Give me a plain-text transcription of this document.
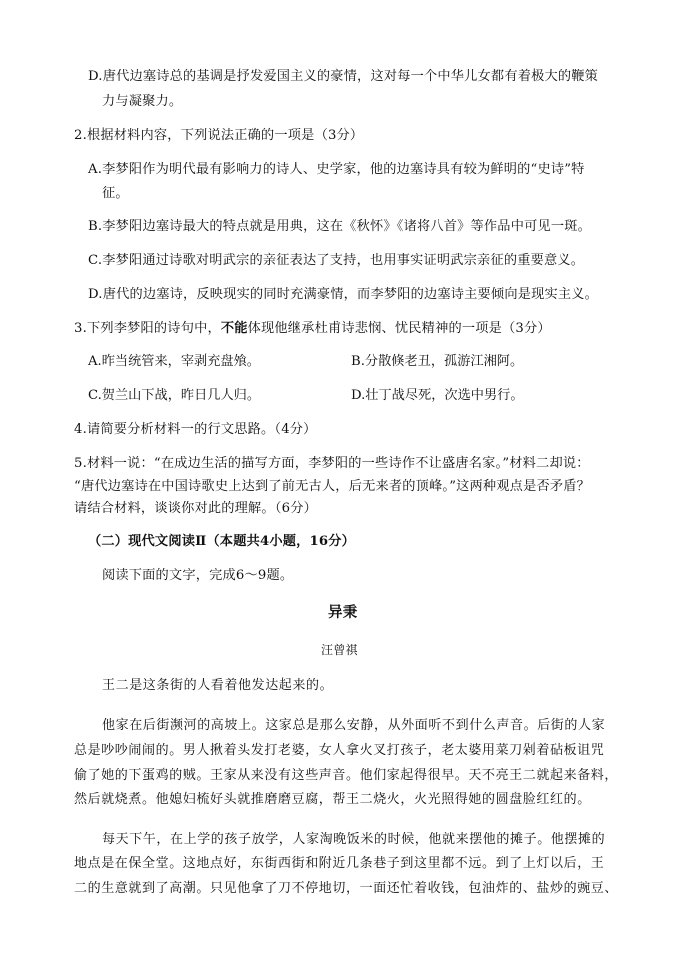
D.唐代边塞诗总的基调是抒发爱国主义的豪情，这对每一个中华儿女都有着极大的鞭策
力与凝聚力。
2.根据材料内容，下列说法正确的一项是（3分）
A.李梦阳作为明代最有影响力的诗人、史学家，他的边塞诗具有较为鲜明的“史诗”特
征。
B.李梦阳边塞诗最大的特点就是用典，这在《秋怀》《诸将八首》等作品中可见一斑。
C.李梦阳通过诗歌对明武宗的亲征表达了支持，也用事实证明武宗亲征的重要意义。
D.唐代的边塞诗，反映现实的同时充满豪情，而李梦阳的边塞诗主要倾向是现实主义。
3.下列李梦阳的诗句中，不能体现他继承杜甫诗悲悯、忧民精神的一项是（3分）
A.昨当统管来，宰剥充盘飧。	B.分散倏老丑，孤游江湘阿。
C.贺兰山下战，昨日几人归。	D.壮丁战尽死，次选中男行。
4.请简要分析材料一的行文思路。（4分）
5.材料一说：“在成边生活的描写方面，李梦阳的一些诗作不让盛唐名家。”材料二却说：
“唐代边塞诗在中国诗歌史上达到了前无古人，后无来者的顶峰。”这两种观点是否矛盾？
请结合材料，谈谈你对此的理解。（6分）
（二）现代文阅读Ⅱ（本题共4小题，16分）
阅读下面的文字，完成6～9题。
异秉
汪曾祺
王二是这条街的人看着他发达起来的。
他家在后街濒河的高坡上。这家总是那么安静，从外面听不到什么声音。后街的人家
总是吵吵闹闹的。男人揪着头发打老婆，女人拿火叉打孩子，老太婆用菜刀剁着砧板诅咒
偷了她的下蛋鸡的贼。王家从来没有这些声音。他们家起得很早。天不亮王二就起来备料，
然后就烧煮。他媳妇梳好头就推磨磨豆腐，帮王二烧火，火光照得她的圆盘脸红红的。
每天下午，在上学的孩子放学，人家淘晚饭米的时候，他就来摆他的摊子。他摆摊的
地点是在保全堂。这地点好，东街西街和附近几条巷子到这里都不远。到了上灯以后，王
二的生意就到了高潮。只见他拿了刀不停地切，一面还忙着收钱，包油炸的、盐炒的豌豆、
